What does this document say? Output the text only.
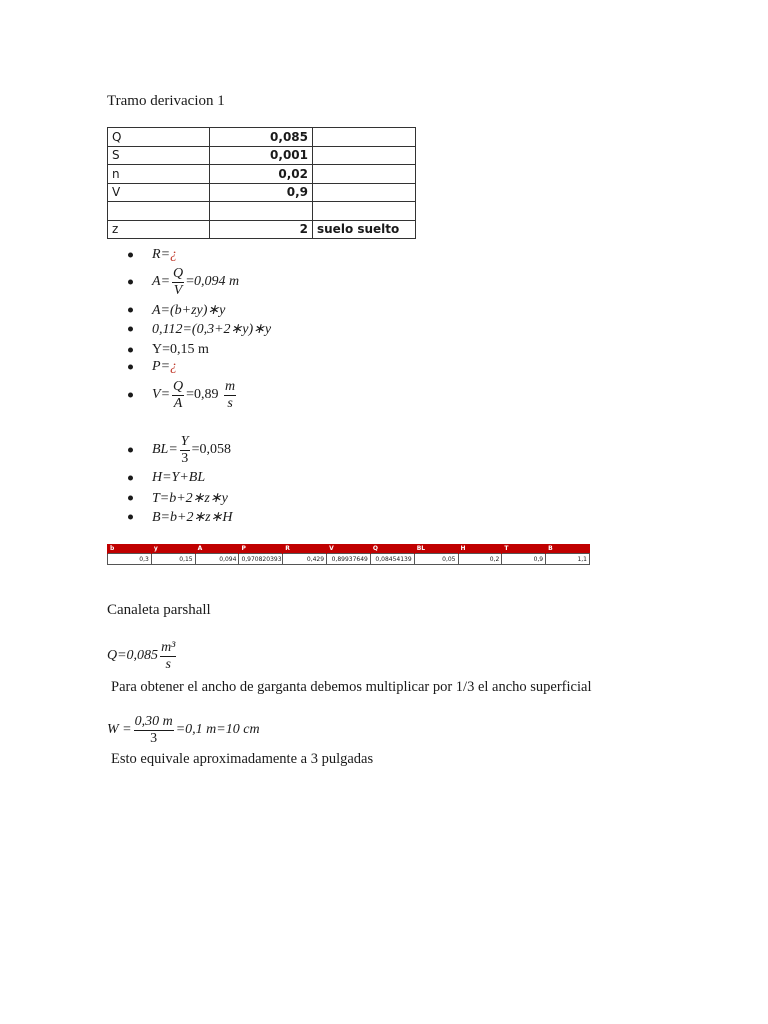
Tramo derivacion 1
Q	0,085	
S	0,001	
n	0,02	
V	0,9	

z	2	suelo suelto
R = ¿
$A = \frac{Q}{V} = 0,094$ m
A=(b+zy)∗y
0,112=(0,3+2∗y)∗y
Y=0,15 m
P = ¿
$V = \frac{Q}{A} = 0,89$
$\frac{m}{s}$
BL = $\frac{Y}{3} = 0,058$
H=Y+BL
T=b+2∗z∗y
B=b+2∗z∗H
b	y	A	P	R	V	Q	BL	H	T	B
0,3	0,15	0,094	0,970820393	0,429	0,89937649	0,08454139	0,05	0,2	0,9	1,1
Canaleta parshall
$Q=0,085 \frac{\text{m³}}{s}$
Para obtener el ancho de garganta debemos multiplicar por 1/3 el ancho superficial
$W = \frac{0,30 m}{3} =0,1$ m=10 cm
Esto equivale aproximadamente a 3 pulgadas
